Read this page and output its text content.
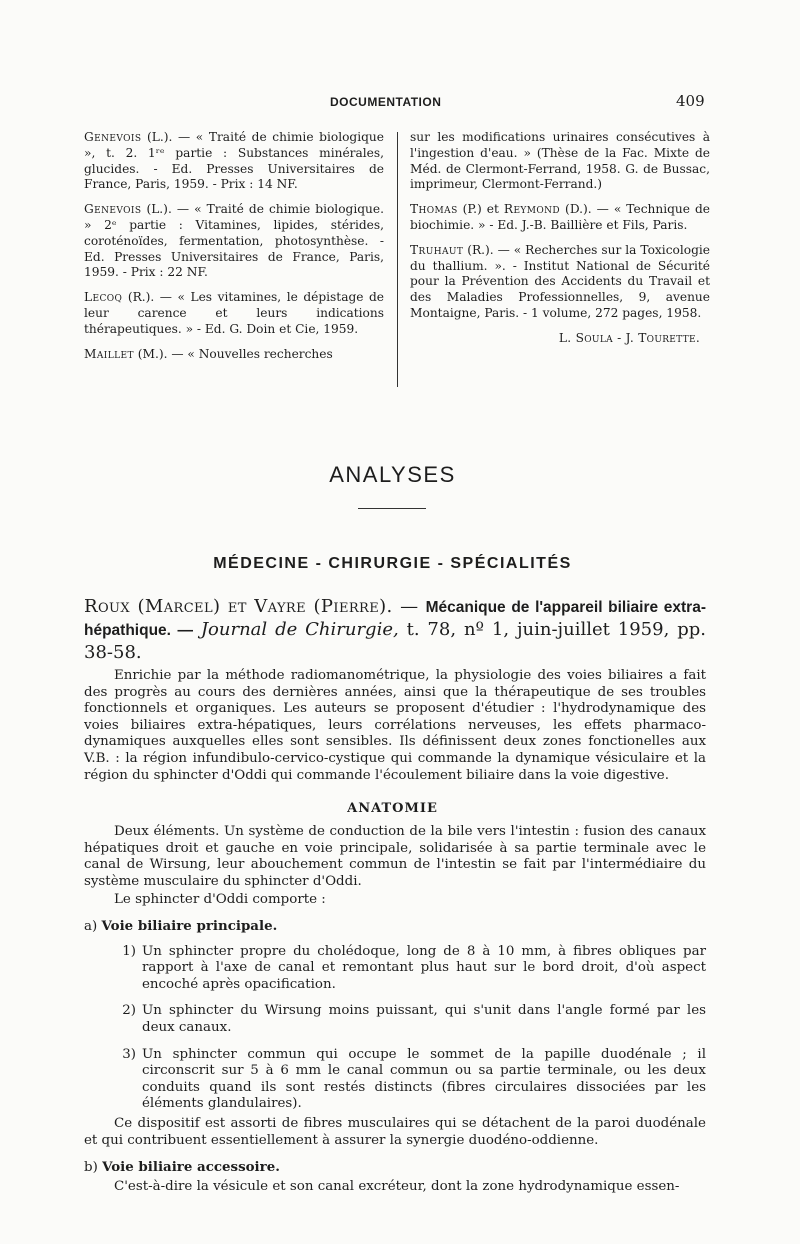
DOCUMENTATION	409
Genevois (L.). — « Traité de chimie biologique », t. 2. 1ʳᵉ partie : Substances minérales, glucides. - Ed. Presses Universitaires de France, Paris, 1959. - Prix : 14 NF.
Genevois (L.). — « Traité de chimie biologique. » 2ᵉ partie : Vitamines, lipides, stérides, coroténoïdes, fermentation, photosynthèse. - Ed. Presses Universitaires de France, Paris, 1959. - Prix : 22 NF.
Lecoq (R.). — « Les vitamines, le dépistage de leur carence et leurs indications thérapeutiques. » - Ed. G. Doin et Cie, 1959.
Maillet (M.). — « Nouvelles recherches
sur les modifications urinaires consécutives à l'ingestion d'eau. » (Thèse de la Fac. Mixte de Méd. de Clermont-Ferrand, 1958. G. de Bussac, imprimeur, Clermont-Ferrand.)
Thomas (P.) et Reymond (D.). — « Technique de biochimie. » - Ed. J.-B. Baillière et Fils, Paris.
Truhaut (R.). — « Recherches sur la Toxicologie du thallium. ». - Institut National de Sécurité pour la Prévention des Accidents du Travail et des Maladies Professionnelles, 9, avenue Montaigne, Paris. - 1 volume, 272 pages, 1958.
L. Soula - J. Tourette.
ANALYSES
MÉDECINE - CHIRURGIE - SPÉCIALITÉS
Roux (Marcel) et Vayre (Pierre). — Mécanique de l'appareil biliaire extra-hépathique. — Journal de Chirurgie, t. 78, nº 1, juin-juillet 1959, pp. 38-58.

Enrichie par la méthode radiomanométrique, la physiologie des voies biliaires a fait des progrès au cours des dernières années, ainsi que la thérapeutique de ses troubles fonctionnels et organiques. Les auteurs se proposent d'étudier : l'hydrodynamique des voies biliaires extra-hépatiques, leurs corrélations nerveuses, les effets pharmaco-dynamiques auxquelles elles sont sensibles. Ils définissent deux zones fonctionelles aux V.B. : la région infundibulo-cervico-cystique qui commande la dynamique vésiculaire et la région du sphincter d'Oddi qui commande l'écoulement biliaire dans la voie digestive.

ANATOMIE

Deux éléments. Un système de conduction de la bile vers l'intestin : fusion des canaux hépatiques droit et gauche en voie principale, solidarisée à sa partie terminale avec le canal de Wirsung, leur abouchement commun de l'intestin se fait par l'intermédiaire du système musculaire du sphincter d'Oddi.

Le sphincter d'Oddi comporte :

a) Voie biliaire principale.
1) Un sphincter propre du cholédoque, long de 8 à 10 mm, à fibres obliques par rapport à l'axe de canal et remontant plus haut sur le bord droit, d'où aspect encoché après opacification.
2) Un sphincter du Wirsung moins puissant, qui s'unit dans l'angle formé par les deux canaux.
3) Un sphincter commun qui occupe le sommet de la papille duodénale ; il circonscrit sur 5 à 6 mm le canal commun ou sa partie terminale, ou les deux conduits quand ils sont restés distincts (fibres circulaires dissociées par les éléments glandulaires).

Ce dispositif est assorti de fibres musculaires qui se détachent de la paroi duodénale et qui contribuent essentiellement à assurer la synergie duodéno-oddienne.

b) Voie biliaire accessoire.

C'est-à-dire la vésicule et son canal excréteur, dont la zone hydrodynamique essen-
